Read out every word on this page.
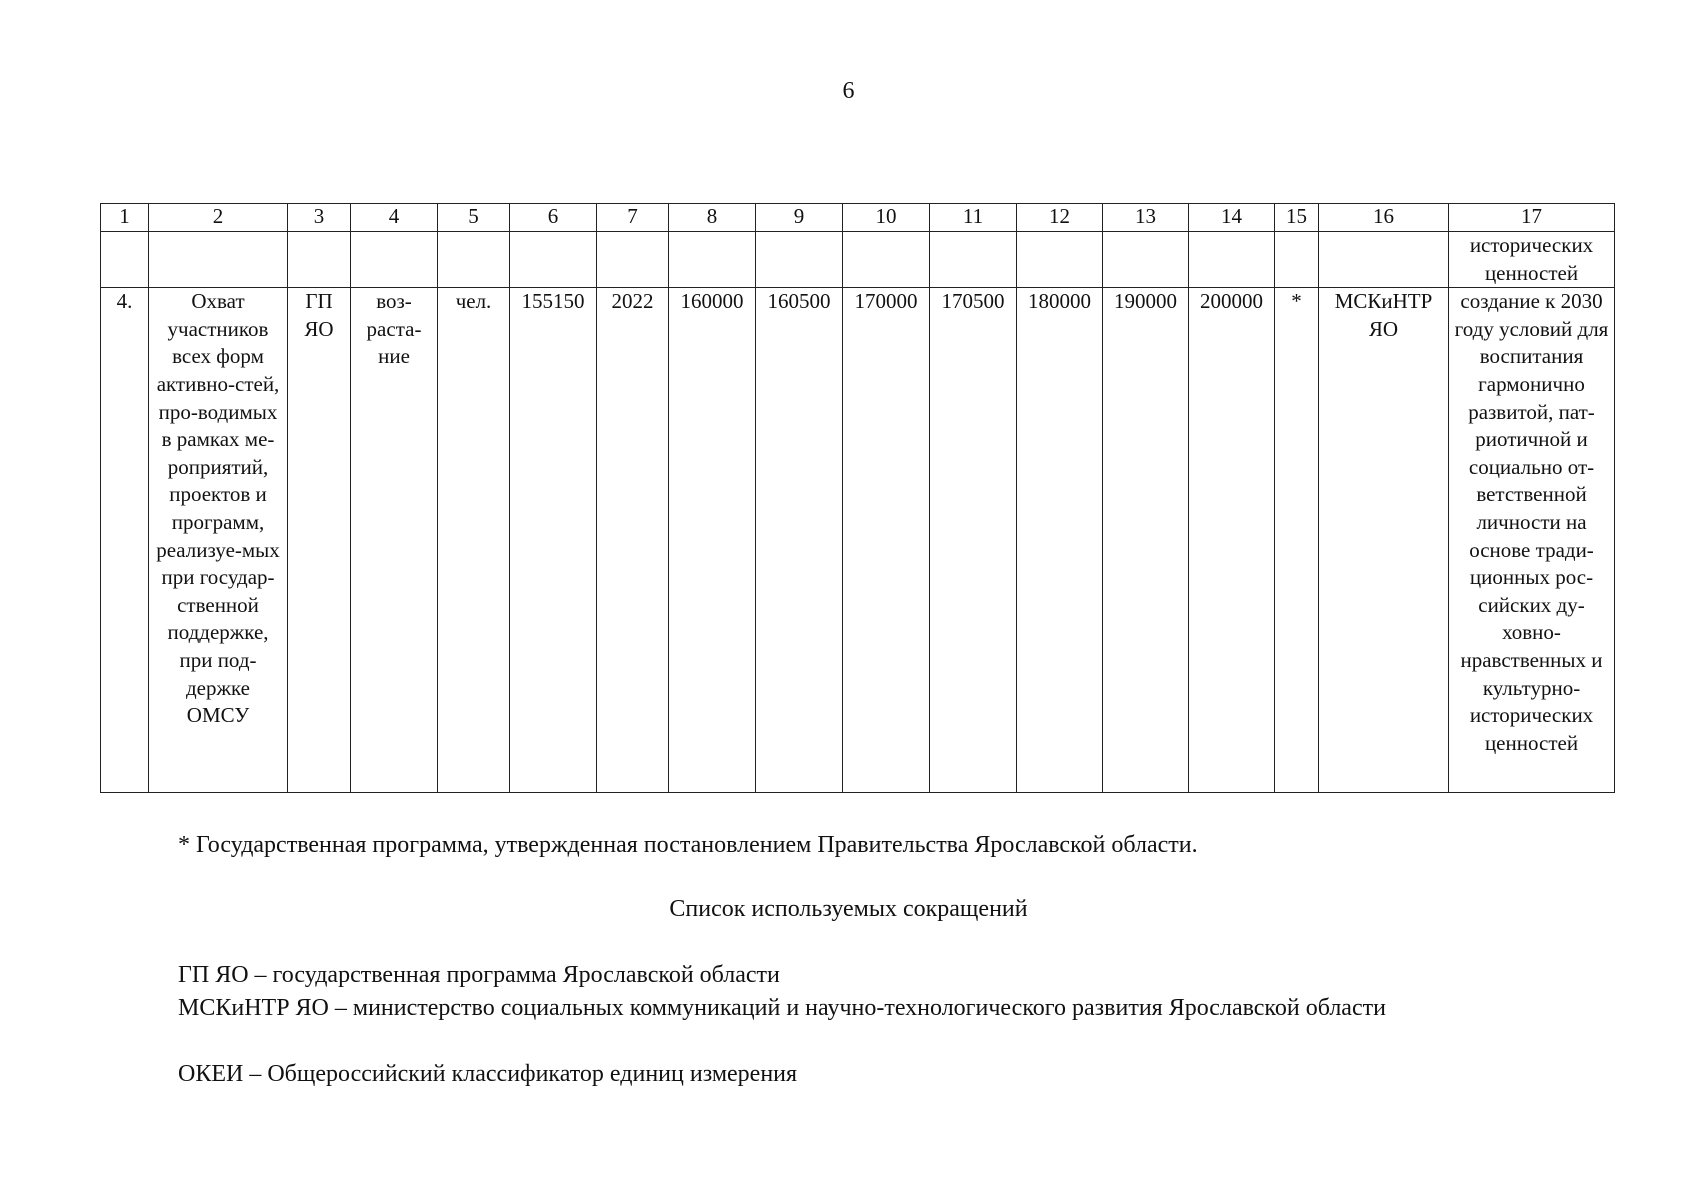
6
1	2	3	4	5	6	7	8	9	10	11	12	13	14	15	16	17
																исторических ценностей
4.	Охват участников всех форм активно-стей, про-водимых в рамках ме-роприятий, проектов и программ, реализуе-мых при государ-ственной поддержке, при под-держке ОМСУ	ГП ЯО	воз-раста-ние	чел.	155150	2022	160000	160500	170000	170500	180000	190000	200000	*	МСКиНТР ЯО	создание к 2030 году условий для воспитания гармонично развитой, пат-риотичной и социально от-ветственной личности на основе тради-ционных рос-сийских ду-ховно-нравственных и культурно-исторических ценностей
* Государственная программа, утвержденная постановлением Правительства Ярославской области.
Список используемых сокращений
ГП ЯО – государственная программа Ярославской области
МСКиНТР ЯО – министерство социальных коммуникаций и научно-технологического развития Ярославской области
ОКЕИ – Общероссийский классификатор единиц измерения
